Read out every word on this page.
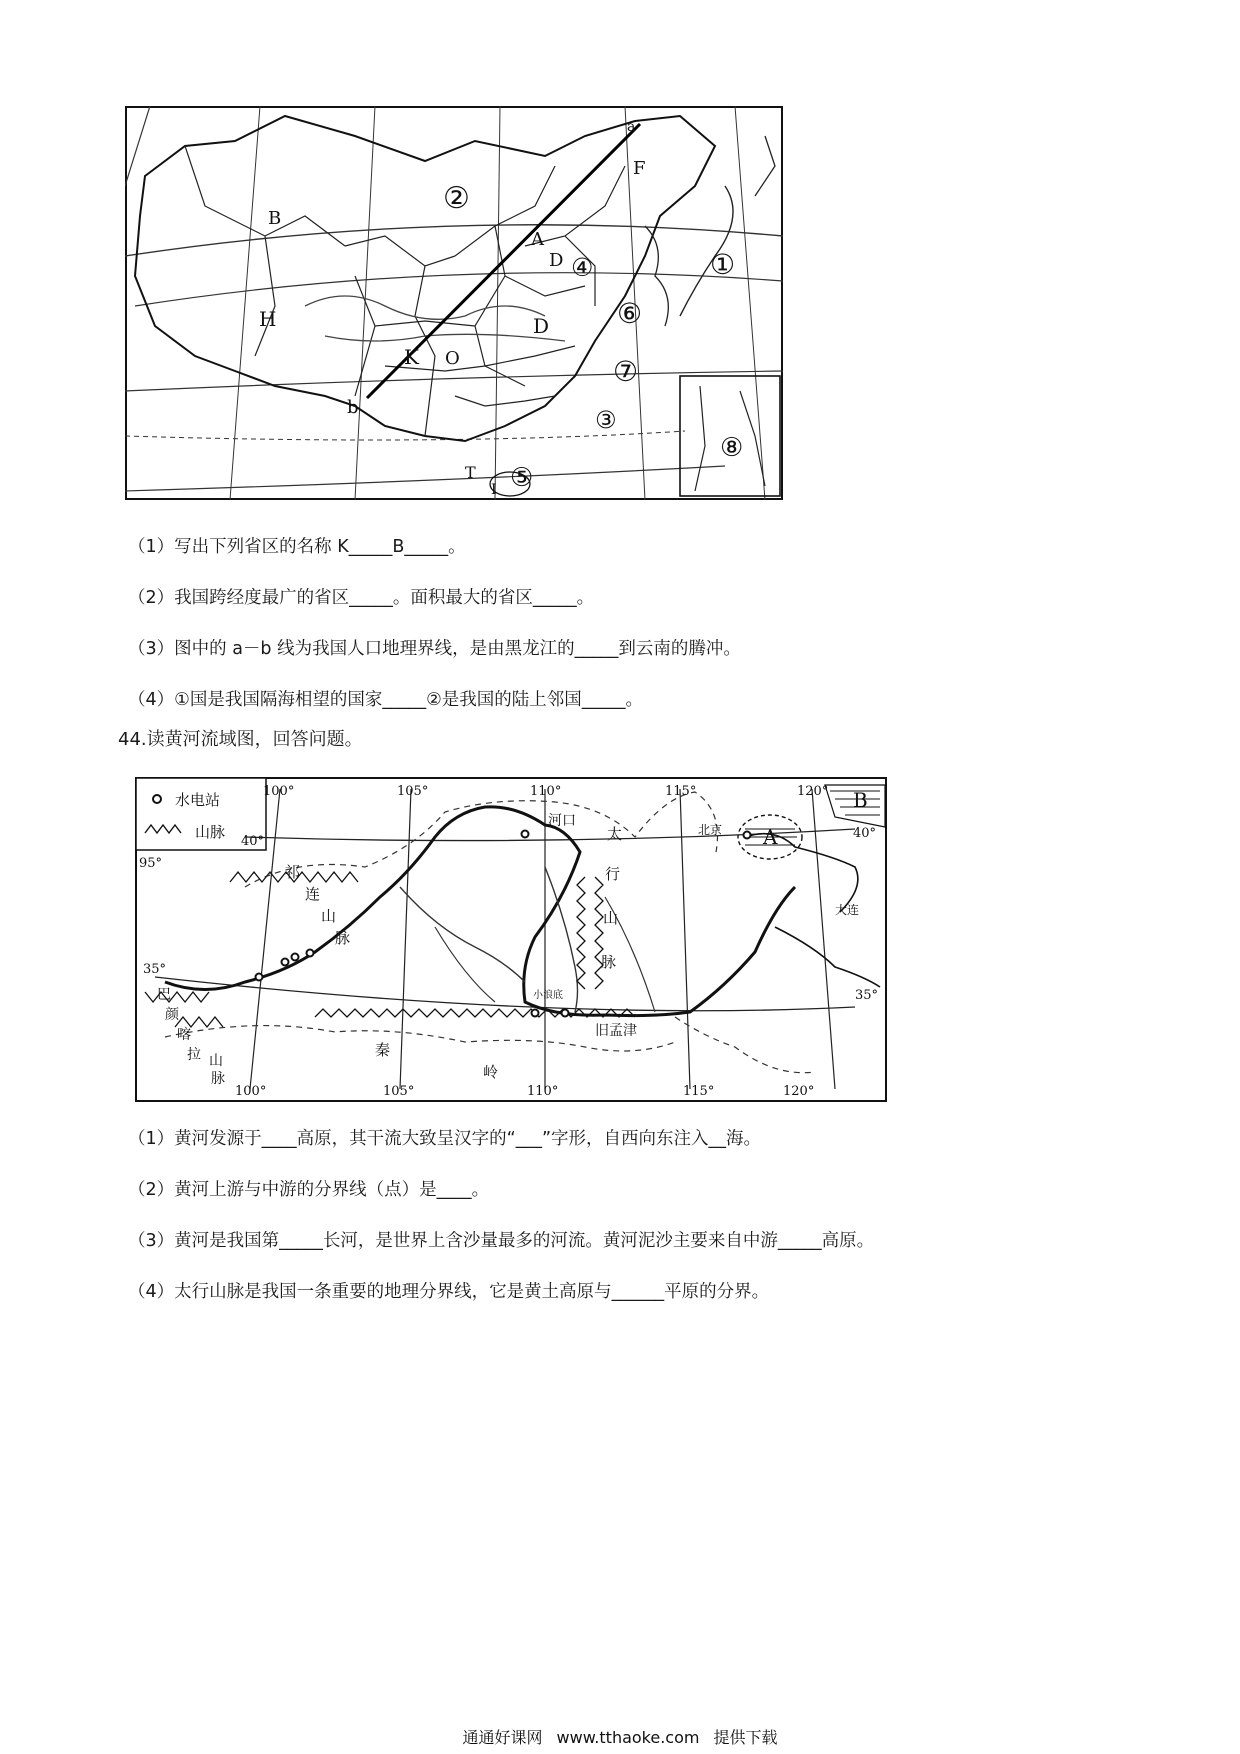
②
④
⑥
⑦
①
③
⑤
⑧
a
b
A
B
D
D
F
H
K O
T
I
（1）写出下列省区的名称 K_____B_____。
（2）我国跨经度最广的省区_____。面积最大的省区_____。
（3）图中的 a－b 线为我国人口地理界线，是由黑龙江的_____到云南的腾冲。
（4）①国是我国隔海相望的国家_____②是我国的陆上邻国_____。
44.读黄河流域图，回答问题。
水电站
山脉
100°	105°	110°	115°	120°
100°	105°	110°	115°	120°
40°
40°
95°
35°
35°
河口
北京
大连
小浪底
旧孟津
A
B
祁
连
山
脉
太
行
山
脉
巴
颜
喀
拉 山
脉
秦
岭
（1）黄河发源于____高原，其干流大致呈汉字的“___”字形，自西向东注入__海。
（2）黄河上游与中游的分界线（点）是____。
（3）黄河是我国第_____长河，是世界上含沙量最多的河流。黄河泥沙主要来自中游_____高原。
（4）太行山脉是我国一条重要的地理分界线，它是黄土高原与______平原的分界。
通通好课网 www.tthaoke.com 提供下载
